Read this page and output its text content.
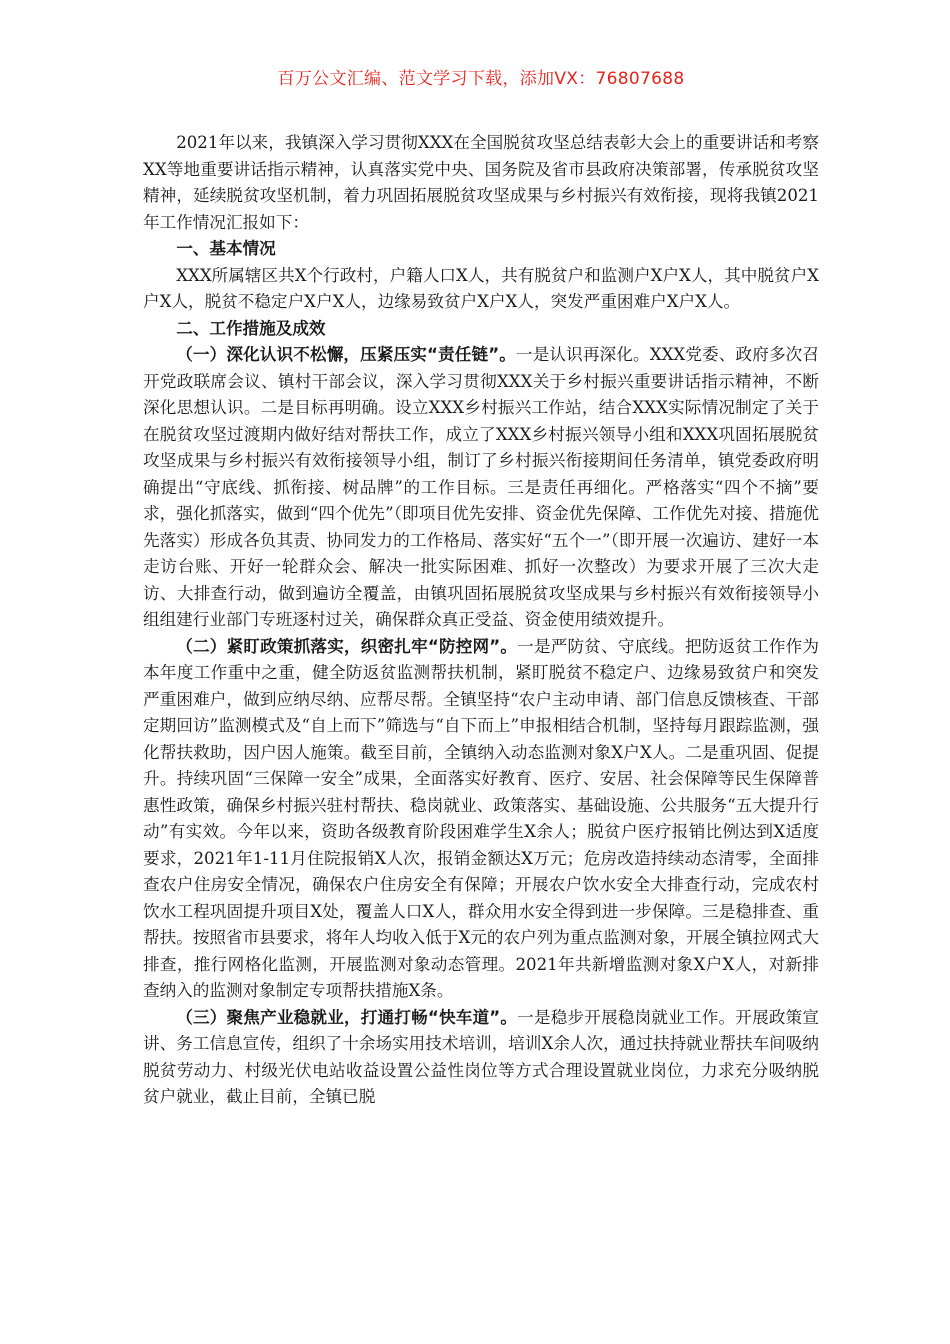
百万公文汇编、范文学习下载，添加VX：76807688

2021年以来，我镇深入学习贯彻XXX在全国脱贫攻坚总结表彰大会上的重要讲话和考察XX等地重要讲话指示精神，认真落实党中央、国务院及省市县政府决策部署，传承脱贫攻坚精神，延续脱贫攻坚机制，着力巩固拓展脱贫攻坚成果与乡村振兴有效衔接，现将我镇2021年工作情况汇报如下：

一、基本情况

XXX所属辖区共X个行政村，户籍人口X人，共有脱贫户和监测户X户X人，其中脱贫户X户X人，脱贫不稳定户X户X人，边缘易致贫户X户X人，突发严重困难户X户X人。

二、工作措施及成效

（一）深化认识不松懈，压紧压实“责任链”。一是认识再深化。XXX党委、政府多次召开党政联席会议、镇村干部会议，深入学习贯彻XXX关于乡村振兴重要讲话指示精神，不断深化思想认识。二是目标再明确。设立XXX乡村振兴工作站，结合XXX实际情况制定了关于在脱贫攻坚过渡期内做好结对帮扶工作，成立了XXX乡村振兴领导小组和XXX巩固拓展脱贫攻坚成果与乡村振兴有效衔接领导小组，制订了乡村振兴衔接期间任务清单，镇党委政府明确提出“守底线、抓衔接、树品牌”的工作目标。三是责任再细化。严格落实“四个不摘”要求，强化抓落实，做到“四个优先”（即项目优先安排、资金优先保障、工作优先对接、措施优先落实）形成各负其责、协同发力的工作格局、落实好“五个一”（即开展一次遍访、建好一本走访台账、开好一轮群众会、解决一批实际困难、抓好一次整改）为要求开展了三次大走访、大排查行动，做到遍访全覆盖，由镇巩固拓展脱贫攻坚成果与乡村振兴有效衔接领导小组组建行业部门专班逐村过关，确保群众真正受益、资金使用绩效提升。

（二）紧盯政策抓落实，织密扎牢“防控网”。一是严防贫、守底线。把防返贫工作作为本年度工作重中之重，健全防返贫监测帮扶机制，紧盯脱贫不稳定户、边缘易致贫户和突发严重困难户，做到应纳尽纳、应帮尽帮。全镇坚持“农户主动申请、部门信息反馈核查、干部定期回访”监测模式及“自上而下”筛选与“自下而上”申报相结合机制，坚持每月跟踪监测，强化帮扶救助，因户因人施策。截至目前，全镇纳入动态监测对象X户X人。二是重巩固、促提升。持续巩固“三保障一安全”成果，全面落实好教育、医疗、安居、社会保障等民生保障普惠性政策，确保乡村振兴驻村帮扶、稳岗就业、政策落实、基础设施、公共服务“五大提升行动”有实效。今年以来，资助各级教育阶段困难学生X余人；脱贫户医疗报销比例达到X适度要求，2021年1-11月住院报销X人次，报销金额达X万元；危房改造持续动态清零，全面排查农户住房安全情况，确保农户住房安全有保障；开展农户饮水安全大排查行动，完成农村饮水工程巩固提升项目X处，覆盖人口X人，群众用水安全得到进一步保障。三是稳排查、重帮扶。按照省市县要求，将年人均收入低于X元的农户列为重点监测对象，开展全镇拉网式大排查，推行网格化监测，开展监测对象动态管理。2021年共新增监测对象X户X人，对新排查纳入的监测对象制定专项帮扶措施X条。

（三）聚焦产业稳就业，打通打畅“快车道”。一是稳步开展稳岗就业工作。开展政策宣讲、务工信息宣传，组织了十余场实用技术培训，培训X余人次，通过扶持就业帮扶车间吸纳脱贫劳动力、村级光伏电站收益设置公益性岗位等方式合理设置就业岗位，力求充分吸纳脱贫户就业，截止目前，全镇已脱
